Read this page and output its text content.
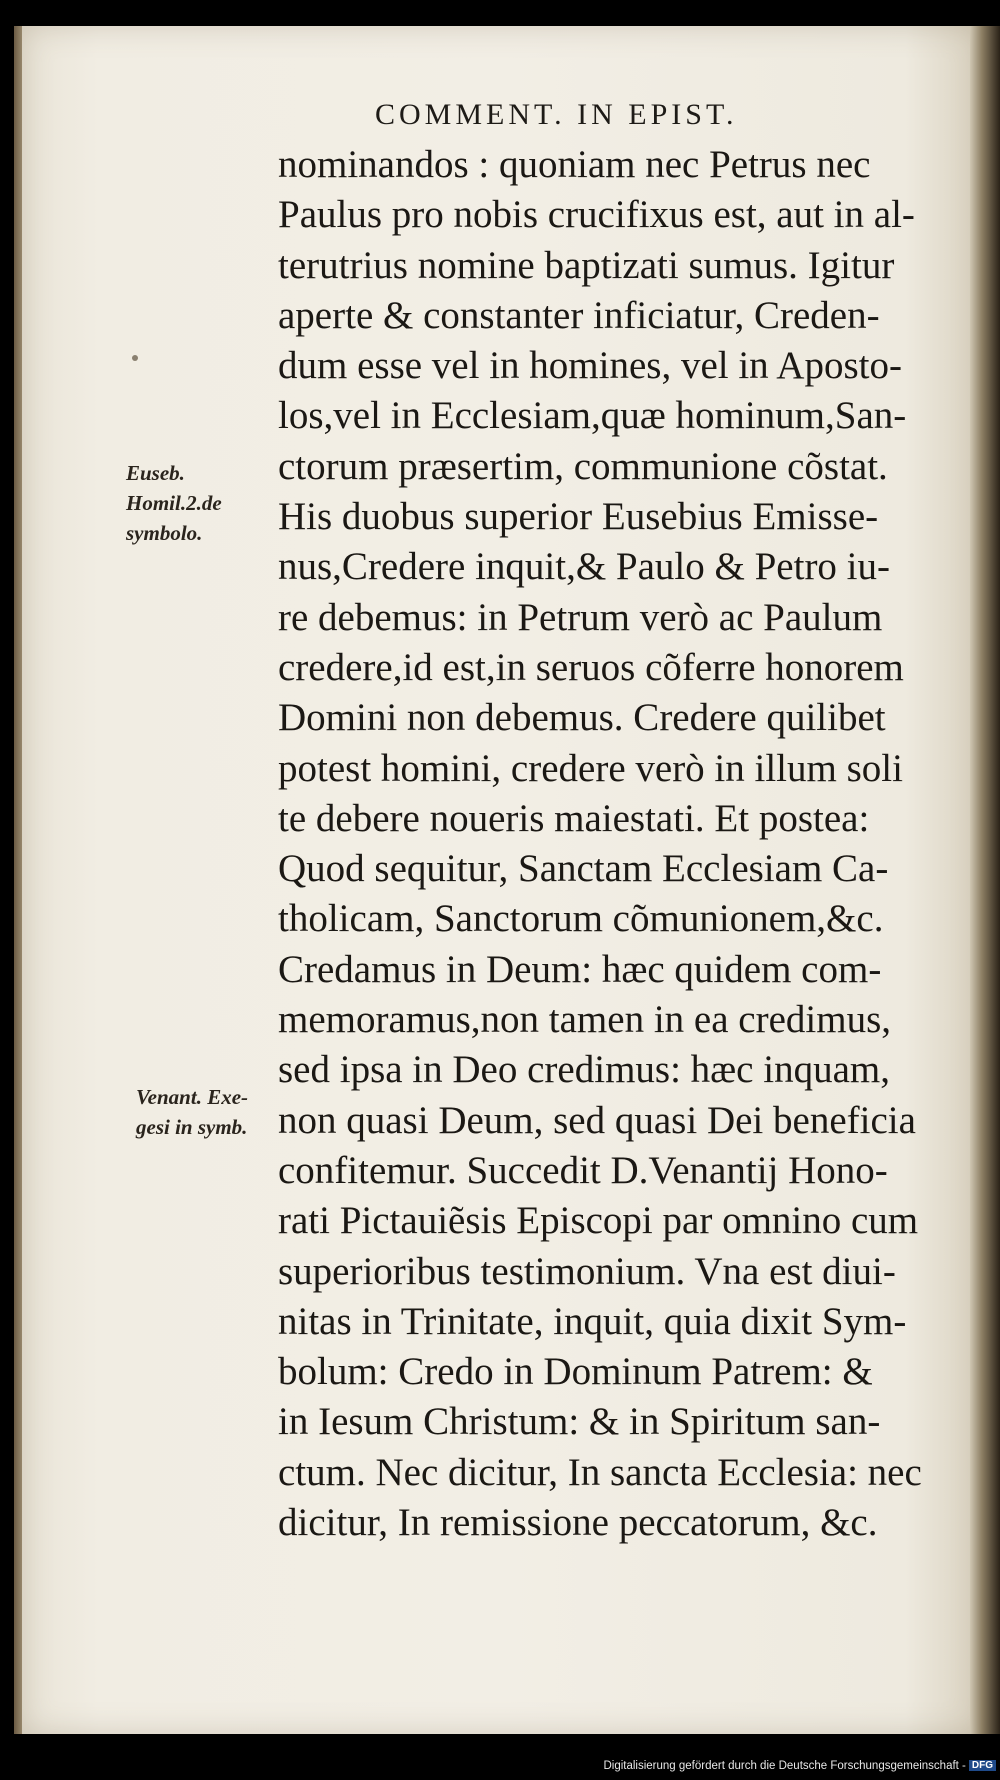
COMMENT. IN EPIST.
nominandos : quoniam nec Petrus nec
Paulus pro nobis crucifixus est, aut in al-
terutrius nomine baptizati sumus. Igitur
aperte & constanter inficiatur, Creden-
dum esse vel in homines, vel in Aposto-
los,vel in Ecclesiam,quæ hominum,San-
ctorum præsertim, communione cõstat.
His duobus superior Eusebius Emisse-
nus,Credere inquit,& Paulo & Petro iu-
re debemus: in Petrum verò ac Paulum
credere,id est,in seruos cõferre honorem
Domini non debemus. Credere quilibet
potest homini, credere verò in illum soli
te debere noueris maiestati. Et postea:
Quod sequitur, Sanctam Ecclesiam Ca-
tholicam, Sanctorum cõmunionem,&c.
Credamus in Deum: hæc quidem com-
memoramus,non tamen in ea credimus,
sed ipsa in Deo credimus: hæc inquam,
non quasi Deum, sed quasi Dei beneficia
confitemur. Succedit D.Venantij Hono-
rati Pictauiẽsis Episcopi par omnino cum
superioribus testimonium. Vna est diui-
nitas in Trinitate, inquit, quia dixit Sym-
bolum: Credo in Dominum Patrem: &
in Iesum Christum: & in Spiritum san-
ctum. Nec dicitur, In sancta Ecclesia: nec
dicitur, In remissione peccatorum, &c.
Euseb.
Homil.2.de
symbolo.
Venant. Exe-
gesi in symb.
Digitalisierung gefördert durch die Deutsche Forschungsgemeinschaft - DFG
